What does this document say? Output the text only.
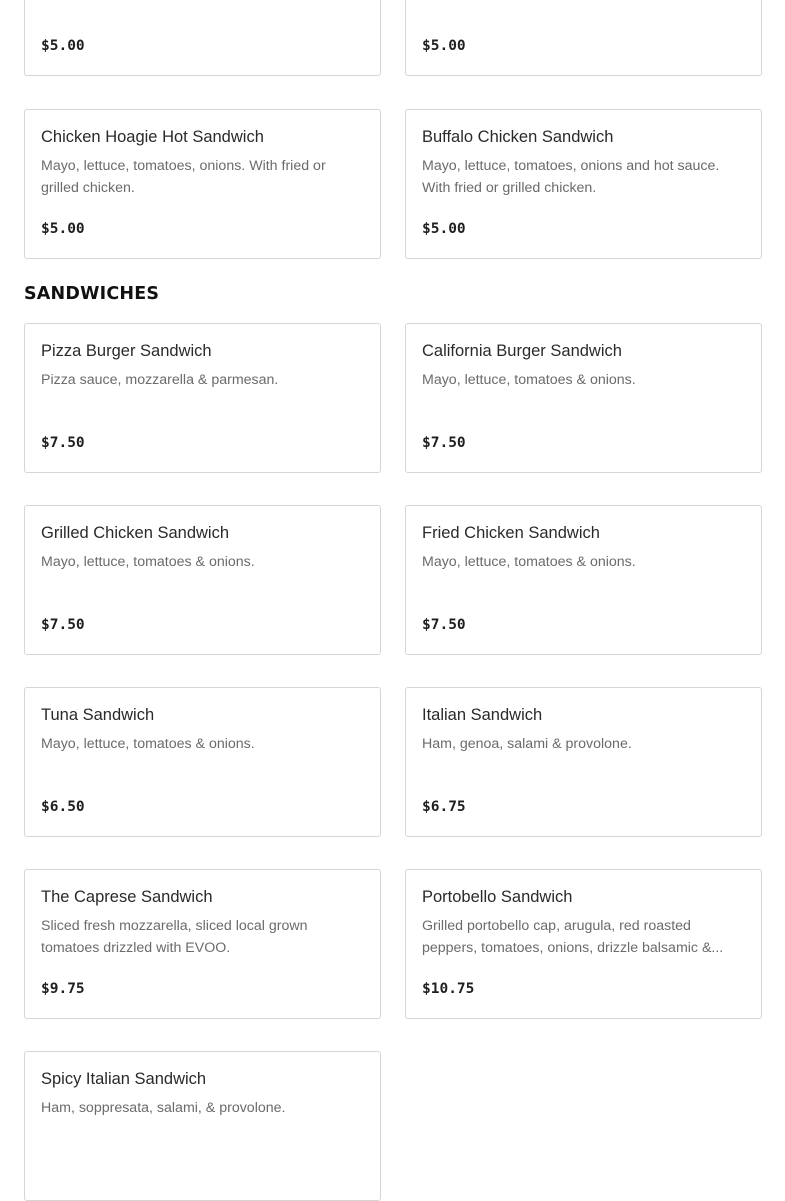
$5.00	$5.00
Chicken Hoagie Hot Sandwich
Mayo, lettuce, tomatoes, onions. With fried or grilled chicken.
$5.00
Buffalo Chicken Sandwich
Mayo, lettuce, tomatoes, onions and hot sauce. With fried or grilled chicken.
$5.00
SANDWICHES
Pizza Burger Sandwich
Pizza sauce, mozzarella & parmesan.
$7.50
California Burger Sandwich
Mayo, lettuce, tomatoes & onions.
$7.50
Grilled Chicken Sandwich
Mayo, lettuce, tomatoes & onions.
$7.50
Fried Chicken Sandwich
Mayo, lettuce, tomatoes & onions.
$7.50
Tuna Sandwich
Mayo, lettuce, tomatoes & onions.
$6.50
Italian Sandwich
Ham, genoa, salami & provolone.
$6.75
The Caprese Sandwich
Sliced fresh mozzarella, sliced local grown tomatoes drizzled with EVOO.
$9.75
Portobello Sandwich
Grilled portobello cap, arugula, red roasted peppers, tomatoes, onions, drizzle balsamic &...
$10.75
Spicy Italian Sandwich
Ham, soppresata, salami, & provolone.
